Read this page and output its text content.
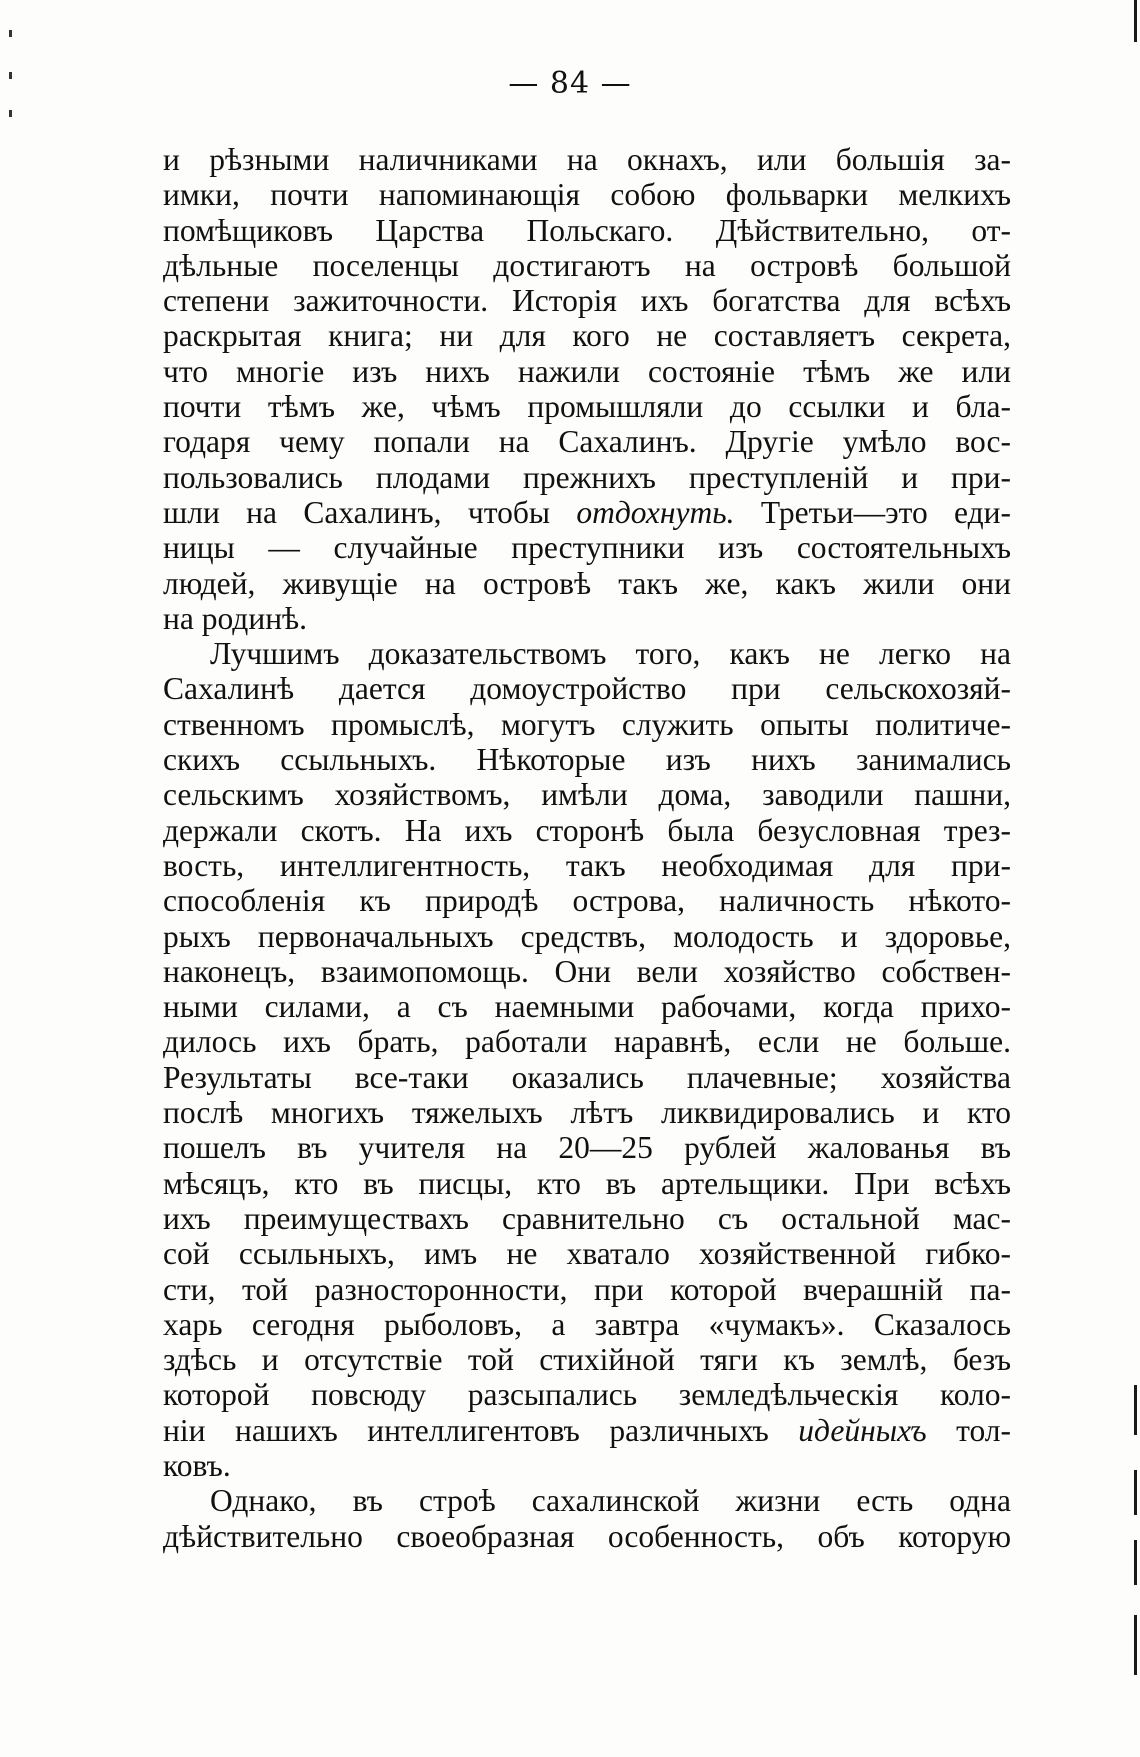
— 84 —
и рѣзными наличниками на окнахъ, или большія за-
имки, почти напоминающія собою фольварки мелкихъ
помѣщиковъ Царства Польскаго. Дѣйствительно, от-
дѣльные поселенцы достигаютъ на островѣ большой
степени зажиточности. Исторія ихъ богатства для всѣхъ
раскрытая книга; ни для кого не составляетъ секрета,
что многіе изъ нихъ нажили состояніе тѣмъ же или
почти тѣмъ же, чѣмъ промышляли до ссылки и бла-
годаря чему попали на Сахалинъ. Другіе умѣло вос-
пользовались плодами прежнихъ преступленій и при-
шли на Сахалинъ, чтобы отдохнуть. Третьи—это еди-
ницы — случайные преступники изъ состоятельныхъ
людей, живущіе на островѣ такъ же, какъ жили они
на родинѣ.
Лучшимъ доказательствомъ того, какъ не легко на
Сахалинѣ дается домоустройство при сельскохозяй-
ственномъ промыслѣ, могутъ служить опыты политиче-
скихъ ссыльныхъ. Нѣкоторые изъ нихъ занимались
сельскимъ хозяйствомъ, имѣли дома, заводили пашни,
держали скотъ. На ихъ сторонѣ была безусловная трез-
вость, интеллигентность, такъ необходимая для при-
способленія къ природѣ острова, наличность нѣкото-
рыхъ первоначальныхъ средствъ, молодость и здоровье,
наконецъ, взаимопомощь. Они вели хозяйство собствен-
ными силами, а съ наемными рабочами, когда прихо-
дилось ихъ брать, работали наравнѣ, если не больше.
Результаты все-таки оказались плачевные; хозяйства
послѣ многихъ тяжелыхъ лѣтъ ликвидировались и кто
пошелъ въ учителя на 20—25 рублей жалованья въ
мѣсяцъ, кто въ писцы, кто въ артельщики. При всѣхъ
ихъ преимуществахъ сравнительно съ остальной мас-
сой ссыльныхъ, имъ не хватало хозяйственной гибко-
сти, той разносторонности, при которой вчерашній па-
харь сегодня рыболовъ, а завтра «чумакъ». Сказалось
здѣсь и отсутствіе той стихійной тяги къ землѣ, безъ
которой повсюду разсыпались земледѣльческія коло-
ніи нашихъ интеллигентовъ различныхъ идейныхъ тол-
ковъ.
Однако, въ строѣ сахалинской жизни есть одна
дѣйствительно своеобразная особенность, объ которую
